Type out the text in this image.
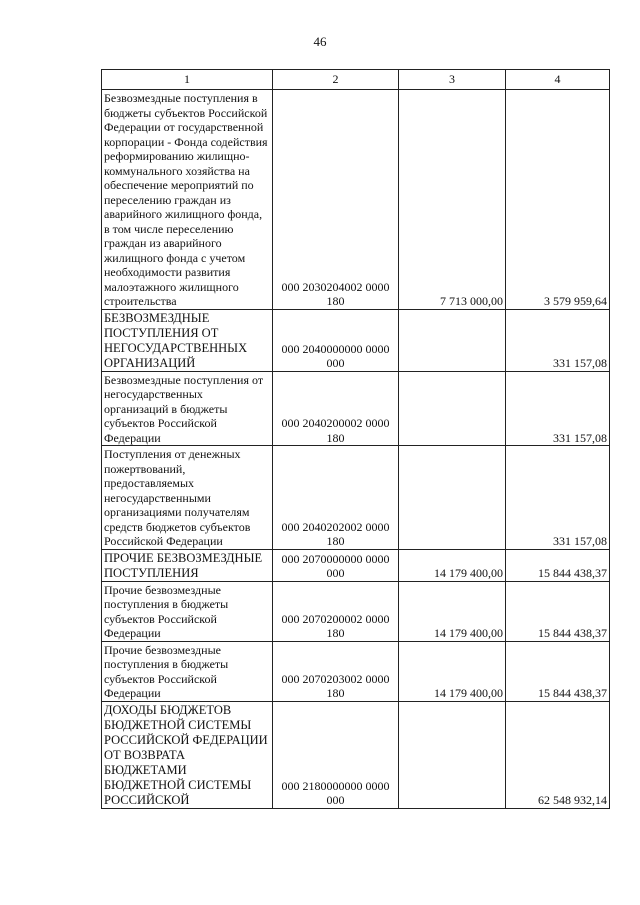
46
1	2	3	4
Безвозмездные поступления в бюджеты субъектов Российской Федерации от государственной корпорации - Фонда содействия реформированию жилищно-коммунального хозяйства на обеспечение мероприятий по переселению граждан из аварийного жилищного фонда, в том числе переселению граждан из аварийного жилищного фонда с учетом необходимости развития малоэтажного жилищного строительства	000 2030204002 0000 180	7 713 000,00	3 579 959,64
БЕЗВОЗМЕЗДНЫЕ ПОСТУПЛЕНИЯ ОТ НЕГОСУДАРСТВЕННЫХ ОРГАНИЗАЦИЙ	000 2040000000 0000 000		331 157,08
Безвозмездные поступления от негосударственных организаций в бюджеты субъектов Российской Федерации	000 2040200002 0000 180		331 157,08
Поступления от денежных пожертвований, предоставляемых негосударственными организациями получателям средств бюджетов субъектов Российской Федерации	000 2040202002 0000 180		331 157,08
ПРОЧИЕ БЕЗВОЗМЕЗДНЫЕ ПОСТУПЛЕНИЯ	000 2070000000 0000 000	14 179 400,00	15 844 438,37
Прочие безвозмездные поступления в бюджеты субъектов Российской Федерации	000 2070200002 0000 180	14 179 400,00	15 844 438,37
Прочие безвозмездные поступления в бюджеты субъектов Российской Федерации	000 2070203002 0000 180	14 179 400,00	15 844 438,37
ДОХОДЫ БЮДЖЕТОВ БЮДЖЕТНОЙ СИСТЕМЫ РОССИЙСКОЙ ФЕДЕРАЦИИ ОТ ВОЗВРАТА БЮДЖЕТАМИ БЮДЖЕТНОЙ СИСТЕМЫ РОССИЙСКОЙ	000 2180000000 0000 000		62 548 932,14
